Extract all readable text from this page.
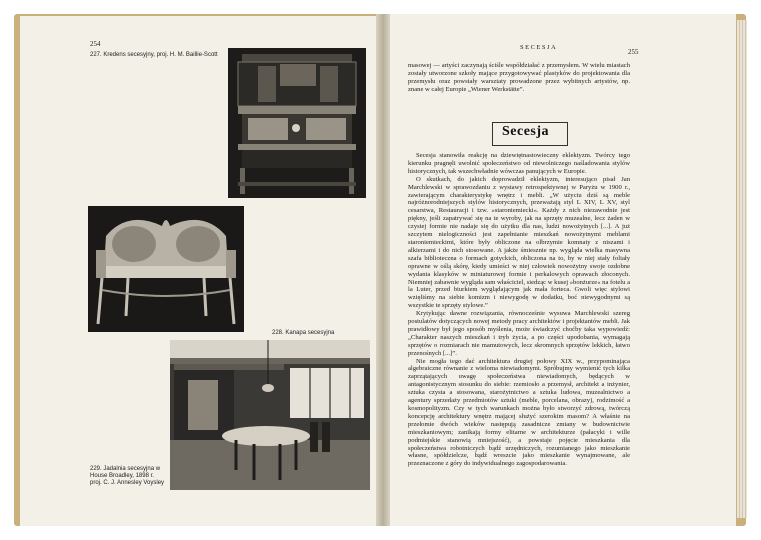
254
227. Kredens secesyjny, proj. H. M. Baillie-Scott
228. Kanapa secesyjna
229. Jadalnia secesyjna w House Broadley, 1898 r. proj. C. J. Annesley Voysley
SECESJA
255
masowej — artyści zaczynają ściśle współdziałać z przemysłem. W wielu miastach zostały utworzone szkoły mające przygotowywać plastyków do projektowania dla przemysłu oraz powstały warsztaty prowadzone przez wybitnych artystów, np. znane w całej Europie „Wiener Werkstätte”.
Secesja
Secesja stanowiła reakcję na dziewiętnastowieczny eklektyzm. Twórcy tego kierunku pragnęli uwolnić społeczeństwo od niewolniczego naśladowania stylów historycznych, tak wszechwładnie wówczas panujących w Europie.
O skutkach, do jakich doprowadził eklektyzm, interesująco pisał Jan Marchlewski w sprawozdaniu z wystawy retrospektywnej w Paryżu w 1900 r., zawierającym charakterystykę wnętrz i mebli. „W użyciu dziś są meble najróżnorodniejszych stylów historycznych, przeważają styl L XIV, L XV, styl cesarstwa, Restauracji i tzw. »staroniemiecki«. Każdy z nich niezawodnie jest piękny, jeśli zapatrywać się na te wyroby, jak na sprzęty muzealne, lecz żaden w czystej formie nie nadaje się do użytku dla nas, ludzi nowożytnych [...]. A już szczytem nielogiczności jest zapełnianie mieszkań nowożytnymi meblami staroniemieckimi, które były obliczone na olbrzymie komnaty z niszami i alkierzami i do nich stosowane. A jakże śmiesznie np. wygląda wielka masywna szafa biblioteczna o formach gotyckich, obliczona na to, by w niej stały foliały oprawne w oślą skórę, kiedy umieści w niej człowiek nowożytny swoje ozdobne wydania klasyków w miniaturowej formie i perkalowych oprawach złoconych. Niemniej zabawnie wygląda sam właściciel, siedząc w kusej »bonżurze« na fotelu a la Luter, przed biurkiem wyglądającym jak mała forteca. Gwoli więc stylowi wzięliśmy na siebie komizm i niewygodę w dodatku, boć niewygodnymi są wszystkie te sprzęty stylowe.”
Krytykując dawne rozwiązania, równocześnie wysuwa Marchlewski szereg postulatów dotyczących nowej metody pracy architektów i projektantów mebli. Jak prawidłowy był jego sposób myślenia, może świadczyć choćby taka wypowiedź: „Charakter naszych mieszkań i tryb życia, a po części upodobania, wymagają sprzętów o rozmiarach nie mamutowych, lecz skromnych sprzętów lekkich, łatwo przenośnych [...]”.
Nie mogła tego dać architektura drugiej połowy XIX w., przypominająca algebraiczne równanie z wieloma niewiadomymi. Spróbujmy wymienić tych kilka zaprzątających uwagę społeczeństwa niewiadomych, będących w antagonistycznym stosunku do siebie: rzemiosło a przemysł, architekt a inżynier, sztuka czysta a stosowana, starożytnictwo a sztuka ludowa, muzealnictwo a agentury sprzedaży przedmiotów sztuki (meble, porcelana, obrazy), rodzimość a kosmopolityzm. Czy w tych warunkach można było stworzyć zdrową, twórczą koncepcję architektury wnętrz mającej służyć szerokim masom? A właśnie na przełomie dwóch wieków następują zasadnicze zmiany w budownictwie mieszkaniowym; zanikają formy elitarne w architekturze (pałacyki i wille podmiejskie stanowią mniejszość), a powstaje pojęcie mieszkania dla społeczeństwa robotniczych bądź urzędniczych, rozumianego jako mieszkanie własne, spółdzielcze, bądź wreszcie jako mieszkanie wynajmowane, ale przeznaczone z góry do indywidualnego zagospodarowania.
